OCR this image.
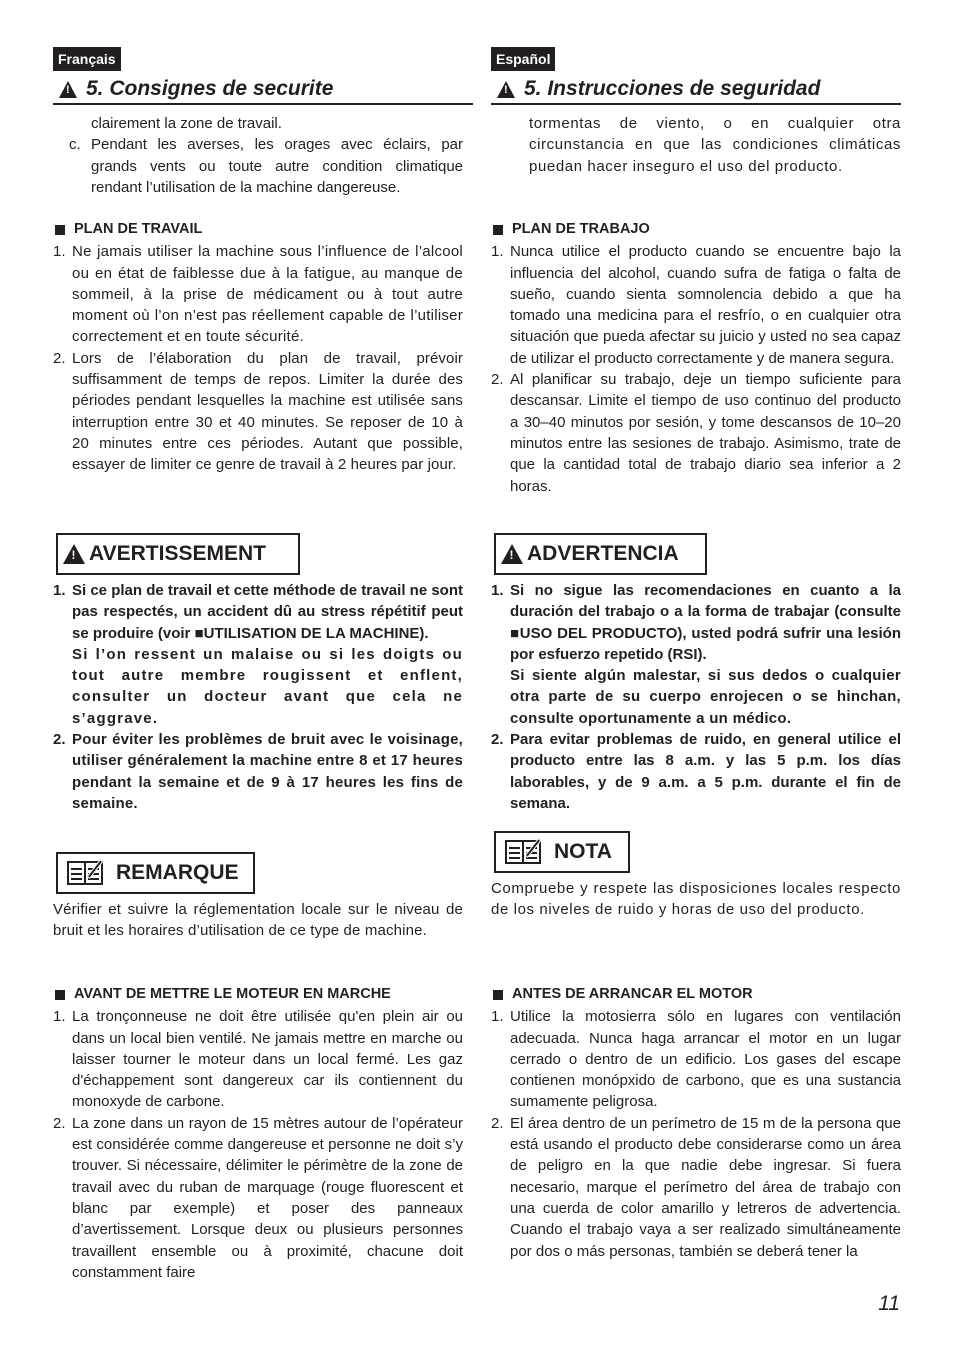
Français
!
5. Consignes de securite

clairement la zone de travail.

c. Pendant les averses, les orages avec éclairs, par grands vents ou toute autre condition climatique rendant l’utilisation de la machine dangereuse.
PLAN DE TRAVAIL
1. Ne jamais utiliser la machine sous l’influence de l’alcool ou en état de faiblesse due à la fatigue, au manque de sommeil, à la prise de médicament ou à tout autre moment où l’on n’est pas réellement capable de l’utiliser correctement et en toute sécurité.
2. Lors de l’élaboration du plan de travail, prévoir suffisamment de temps de repos. Limiter la durée des périodes pendant lesquelles la machine est utilisée sans interruption entre 30 et 40 minutes. Se reposer de 10 à 20 minutes entre ces périodes. Autant que possible, essayer de limiter ce genre de travail à 2 heures par jour.
!
AVERTISSEMENT
1. Si ce plan de travail et cette méthode de travail ne sont pas respectés, un accident dû au stress répétitif peut se produire (voir ■UTILISATION DE LA MACHINE).

Si l’on ressent un malaise ou si les doigts ou tout autre membre rougissent et enflent, consulter un docteur avant que cela ne s’aggrave.

2. Pour éviter les problèmes de bruit avec le voisinage, utiliser généralement la machine entre 8 et 17 heures pendant la semaine et de 9 à 17 heures les fins de semaine.
REMARQUE

Vérifier et suivre la réglementation locale sur le niveau de bruit et les horaires d’utilisation de ce type de machine.

AVANT DE METTRE LE MOTEUR EN MARCHE
1. La tronçonneuse ne doit être utilisée qu'en plein air ou dans un local bien ventilé. Ne jamais mettre en marche ou laisser tourner le moteur dans un local fermé. Les gaz d'échappement sont dangereux car ils contiennent du monoxyde de carbone.
2. La zone dans un rayon de 15 mètres autour de l’opérateur est considérée comme dangereuse et personne ne doit s’y trouver. Si nécessaire, délimiter le périmètre de la zone de travail avec du ruban de marquage (rouge fluorescent et blanc par exemple) et poser des panneaux d’avertissement. Lorsque deux ou plusieurs personnes travaillent ensemble ou à proximité, chacune doit constamment faire
Español
!
5. Instrucciones de seguridad

tormentas de viento, o en cualquier otra circunstancia en que las condiciones climáticas puedan hacer inseguro el uso del producto.

PLAN DE TRABAJO
1. Nunca utilice el producto cuando se encuentre bajo la influencia del alcohol, cuando sufra de fatiga o falta de sueño, cuando sienta somnolencia debido a que ha tomado una medicina para el resfrío, o en cualquier otra situación que pueda afectar su juicio y usted no sea capaz de utilizar el producto correctamente y de manera segura.
2. Al planificar su trabajo, deje un tiempo suficiente para descansar. Limite el tiempo de uso continuo del producto a 30–40 minutos por sesión, y tome descansos de 10–20 minutos entre las sesiones de trabajo. Asimismo, trate de que la cantidad total de trabajo diario sea inferior a 2 horas.
!
ADVERTENCIA
1. Si no sigue las recomendaciones en cuanto a la duración del trabajo o a la forma de trabajar (consulte ■USO DEL PRODUCTO), usted podrá sufrir una lesión por esfuerzo repetido (RSI).

Si siente algún malestar, si sus dedos o cualquier otra parte de su cuerpo enrojecen o se hinchan, consulte oportunamente a un médico.

2. Para evitar problemas de ruido, en general utilice el producto entre las 8 a.m. y las 5 p.m. los días laborables, y de 9 a.m. a 5 p.m. durante el fin de semana.
NOTA

Compruebe y respete las disposiciones locales respecto de los niveles de ruido y horas de uso del producto.

ANTES DE ARRANCAR EL MOTOR
1. Utilice la motosierra sólo en lugares con ventilación adecuada. Nunca haga arrancar el motor en un lugar cerrado o dentro de un edificio. Los gases del escape contienen monópxido de carbono, que es una sustancia sumamente peligrosa.
2. El área dentro de un perímetro de 15 m de la persona que está usando el producto debe considerarse como un área de peligro en la que nadie debe ingresar. Si fuera necesario, marque el perímetro del área de trabajo con una cuerda de color amarillo y letreros de advertencia. Cuando el trabajo vaya a ser realizado simultáneamente por dos o más personas, también se deberá tener la
11
